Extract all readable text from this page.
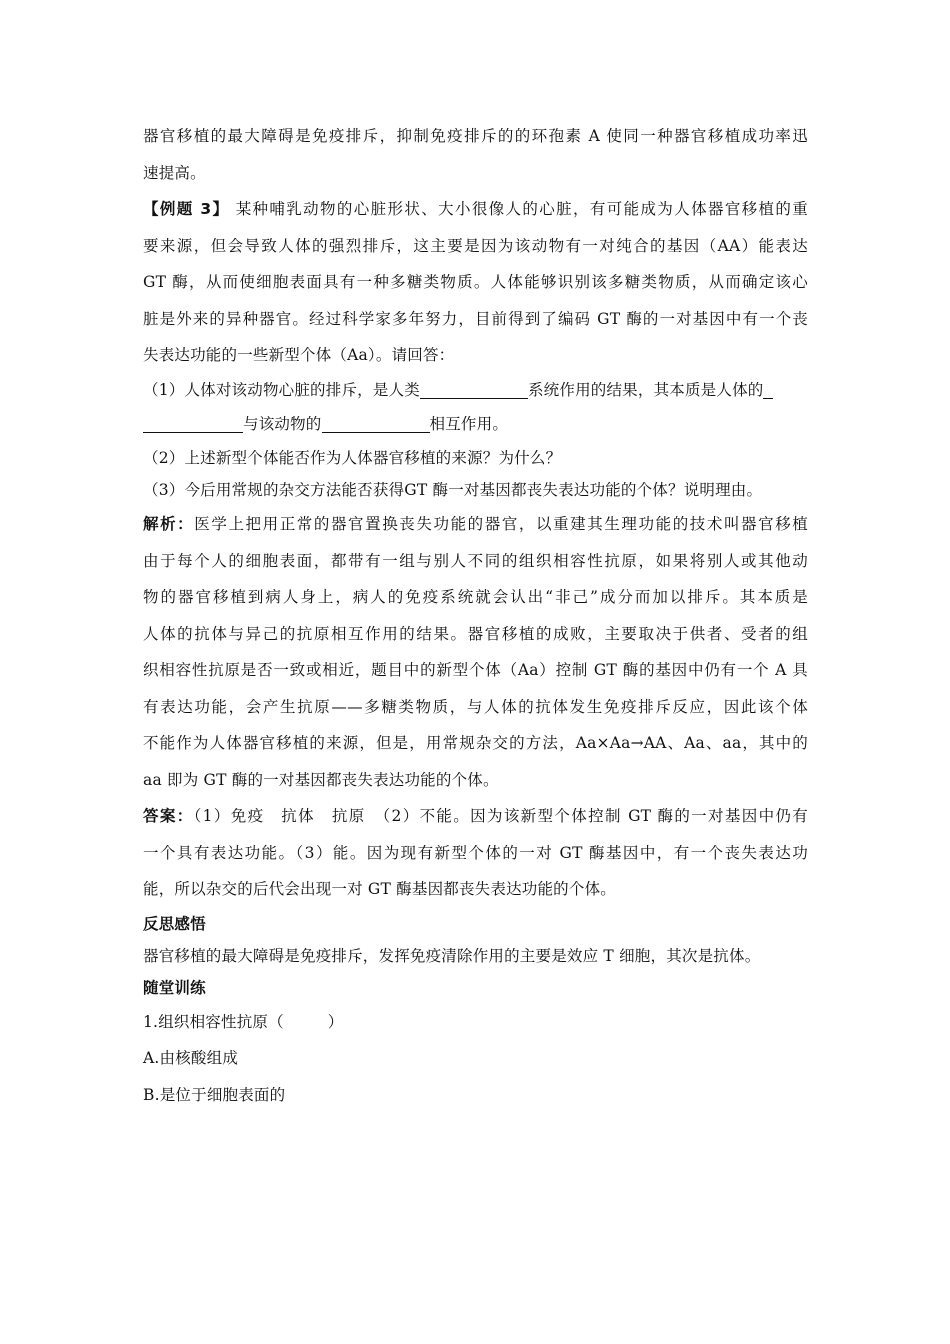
器官移植的最大障碍是免疫排斥，抑制免疫排斥的的环孢素 A 使同一种器官移植成功率迅
速提高。
【例题 3】 某种哺乳动物的心脏形状、大小很像人的心脏，有可能成为人体器官移植的重
要来源，但会导致人体的强烈排斥，这主要是因为该动物有一对纯合的基因（AA）能表达
GT 酶，从而使细胞表面具有一种多糖类物质。人体能够识别该多糖类物质，从而确定该心
脏是外来的异种器官。经过科学家多年努力，目前得到了编码 GT 酶的一对基因中有一个丧
失表达功能的一些新型个体（Aa）。请回答：
（1）人体对该动物心脏的排斥，是人类	系统作用的结果，其本质是人体的
与该动物的	相互作用。
（2）上述新型个体能否作为人体器官移植的来源？为什么？
（3）今后用常规的杂交方法能否获得GT 酶一对基因都丧失表达功能的个体？说明理由。
解析：医学上把用正常的器官置换丧失功能的器官，以重建其生理功能的技术叫器官移植
由于每个人的细胞表面，都带有一组与别人不同的组织相容性抗原，如果将别人或其他动
物的器官移植到病人身上，病人的免疫系统就会认出“非己”成分而加以排斥。其本质是
人体的抗体与异己的抗原相互作用的结果。器官移植的成败，主要取决于供者、受者的组
织相容性抗原是否一致或相近，题目中的新型个体（Aa）控制 GT 酶的基因中仍有一个 A 具
有表达功能，会产生抗原——多糖类物质，与人体的抗体发生免疫排斥反应，因此该个体
不能作为人体器官移植的来源，但是，用常规杂交的方法，Aa×Aa→AA、Aa、aa，其中的
aa 即为 GT 酶的一对基因都丧失表达功能的个体。
答案：（1）免疫　抗体　抗原　（2）不能。因为该新型个体控制 GT 酶的一对基因中仍有
一个具有表达功能。（3）能。因为现有新型个体的一对 GT 酶基因中，有一个丧失表达功
能，所以杂交的后代会出现一对 GT 酶基因都丧失表达功能的个体。
反思感悟
器官移植的最大障碍是免疫排斥，发挥免疫清除作用的主要是效应 T 细胞，其次是抗体。
随堂训练
1.组织相容性抗原（	）
A.由核酸组成
B.是位于细胞表面的
